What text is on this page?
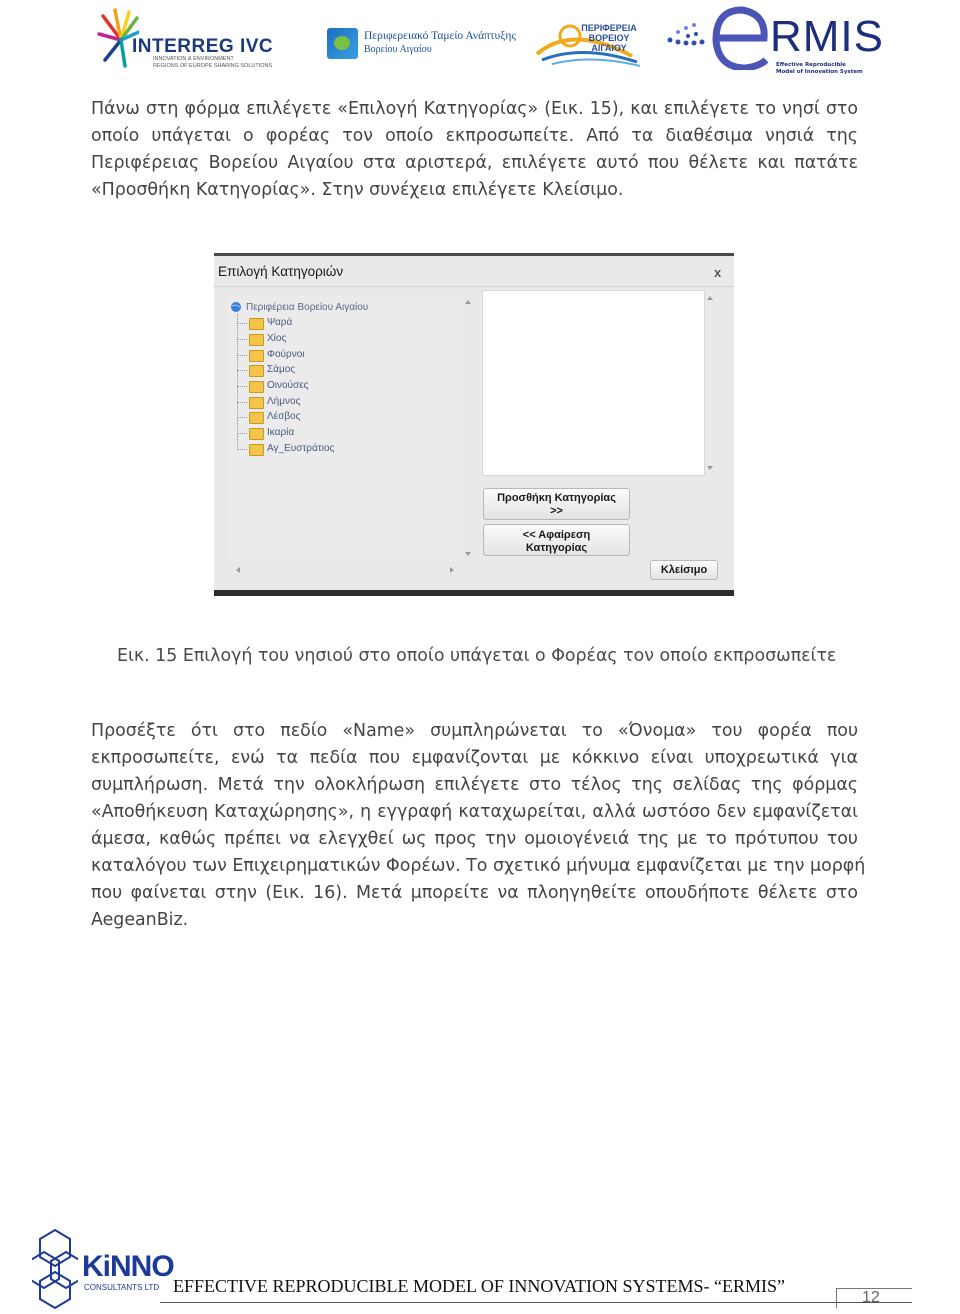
INTERREG IVC
INNOVATION & ENVIRONMENT
REGIONS OF EUROPE SHARING SOLUTIONS
Περιφερειακό Ταμείο Ανάπτυξης
Βορείου Αιγαίου
ΠΕΡΙΦΕΡΕΙΑ
ΒΟΡΕΙΟΥ
ΑΙΓΑΙΟΥ	RMIS
Effective Reproducible
Model of Innovation System
Πάνω στη φόρμα επιλέγετε «Επιλογή Κατηγορίας» (Εικ. 15), και επιλέγετε το νησί στο
οποίο υπάγεται ο φορέας τον οποίο εκπροσωπείτε. Από τα διαθέσιμα νησιά της
Περιφέρειας Βορείου Αιγαίου στα αριστερά, επιλέγετε αυτό που θέλετε και πατάτε
«Προσθήκη Κατηγορίας». Στην συνέχεια επιλέγετε Κλείσιμο.
Επιλογή Κατηγοριών	x
Περιφέρεια Βορείου Αιγαίου
Ψαρά
Χίος
Φούρνοι
Σάμος
Οινούσες
Λήμνος
Λέσβος
Ικαρία
Αγ_Ευστράτιος
Προσθήκη Κατηγορίας
>>
<< Αφαίρεση
Κατηγορίας
Κλείσιμο
Εικ. 15 Επιλογή του νησιού στο οποίο υπάγεται ο Φορέας τον οποίο εκπροσωπείτε
Προσέξτε ότι στο πεδίο «Name» συμπληρώνεται το «Όνομα» του φορέα που
εκπροσωπείτε, ενώ τα πεδία που εμφανίζονται με κόκκινο είναι υποχρεωτικά για
συμπλήρωση. Μετά την ολοκλήρωση επιλέγετε στο τέλος της σελίδας της φόρμας
«Αποθήκευση Καταχώρησης», η εγγραφή καταχωρείται, αλλά ωστόσο δεν εμφανίζεται
άμεσα, καθώς πρέπει να ελεγχθεί ως προς την ομοιογένειά της με το πρότυπου του
καταλόγου των Επιχειρηματικών Φορέων. Το σχετικό μήνυμα εμφανίζεται με την μορφή
που φαίνεται στην (Εικ. 16). Μετά μπορείτε να πλοηγηθείτε οπουδήποτε θέλετε στο
AegeanBiz.
KiNNO
CONSULTANTS LTD EFFECTIVE REPRODUCIBLE MODEL OF INNOVATION SYSTEMS- “ERMIS”
12
